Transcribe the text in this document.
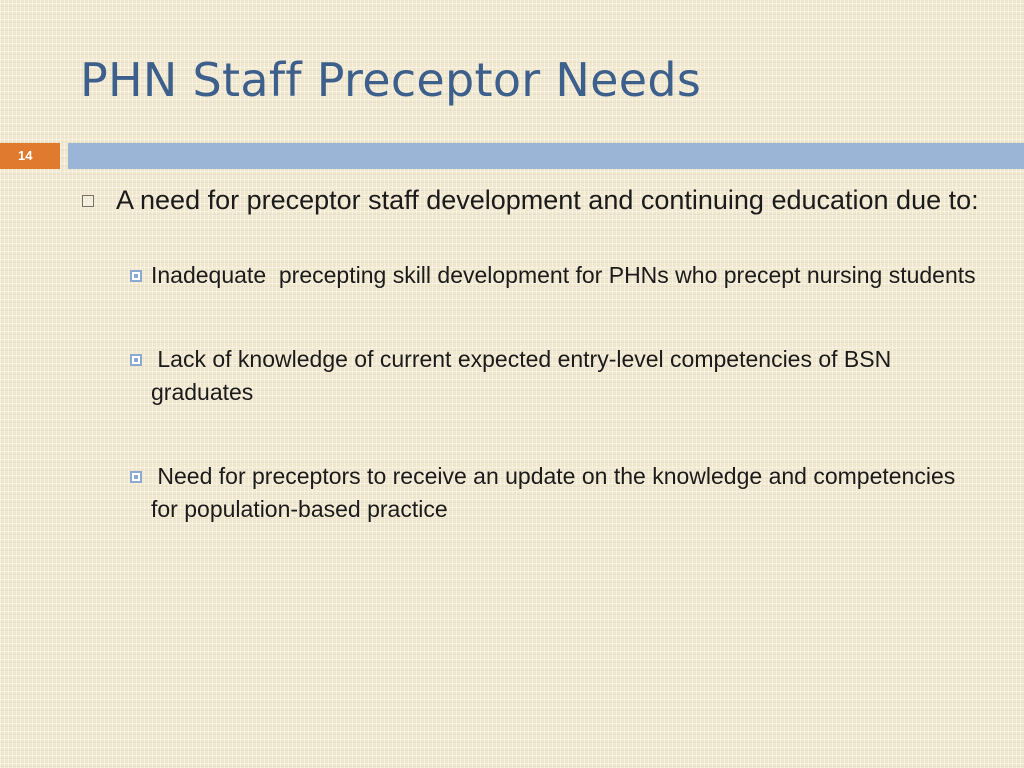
PHN Staff Preceptor Needs
14
A need for preceptor staff development and continuing education due to:
Inadequate  precepting skill development for PHNs who precept nursing students
Lack of knowledge of current expected entry-level competencies of BSN graduates
Need for preceptors to receive an update on the knowledge and competencies for population-based practice
